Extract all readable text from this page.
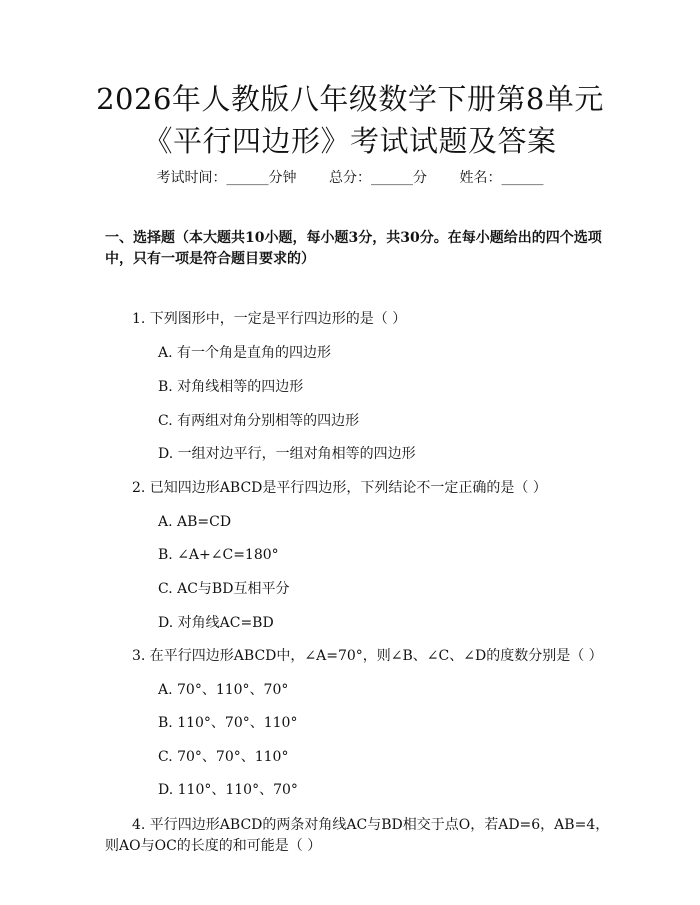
2026年人教版八年级数学下册第8单元《平行四边形》考试试题及答案
考试时间：______分钟 总分：______分 姓名：______
一、选择题（本大题共10小题，每小题3分，共30分。在每小题给出的四个选项中，只有一项是符合题目要求的）
1. 下列图形中，一定是平行四边形的是（ ）
A. 有一个角是直角的四边形
B. 对角线相等的四边形
C. 有两组对角分别相等的四边形
D. 一组对边平行，一组对角相等的四边形
2. 已知四边形ABCD是平行四边形，下列结论不一定正确的是（ ）
A. AB=CD
B. ∠A+∠C=180°
C. AC与BD互相平分
D. 对角线AC=BD
3. 在平行四边形ABCD中，∠A=70°，则∠B、∠C、∠D的度数分别是（ ）
A. 70°、110°、70°
B. 110°、70°、110°
C. 70°、70°、110°
D. 110°、110°、70°
4. 平行四边形ABCD的两条对角线AC与BD相交于点O，若AD=6，AB=4，则AO与OC的长度的和可能是（ ）
